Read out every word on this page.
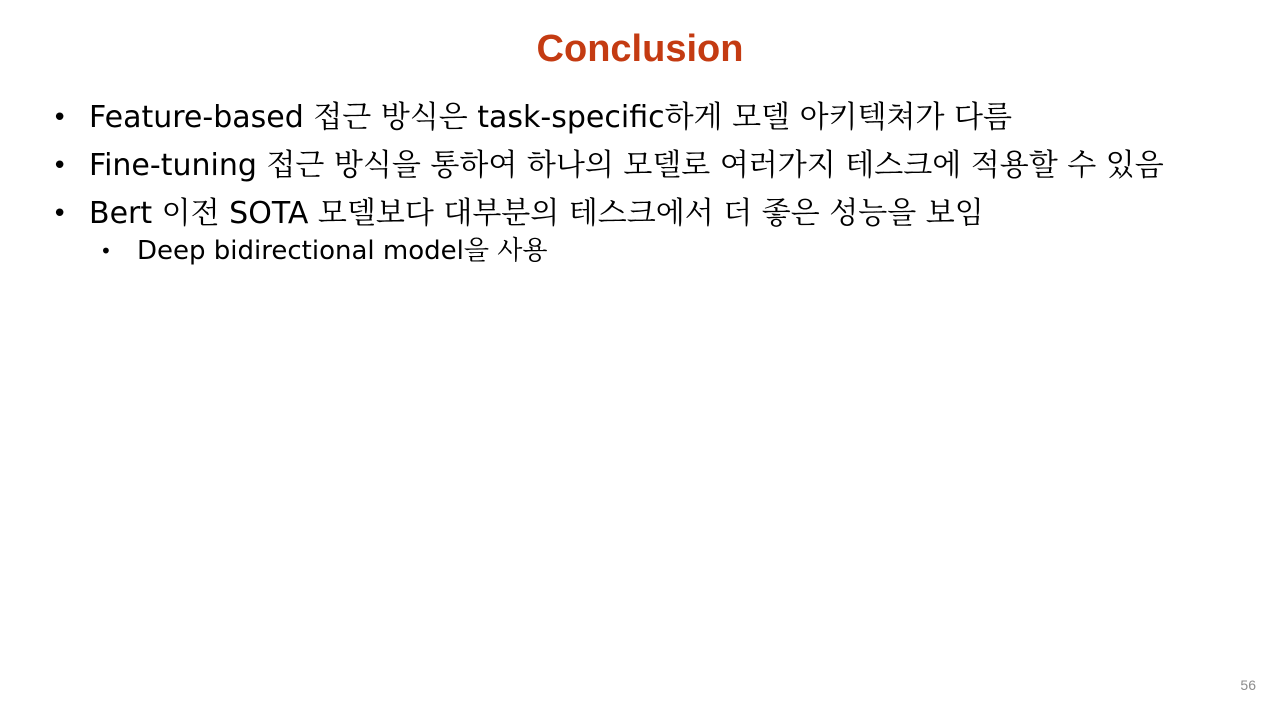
Conclusion
• Feature-based 접근 방식은 task-specific하게 모델 아키텍쳐가 다름
• Fine-tuning 접근 방식을 통하여 하나의 모델로 여러가지 테스크에 적용할 수 있음
• Bert 이전 SOTA 모델보다 대부분의 테스크에서 더 좋은 성능을 보임
• Deep bidirectional model을 사용
56
